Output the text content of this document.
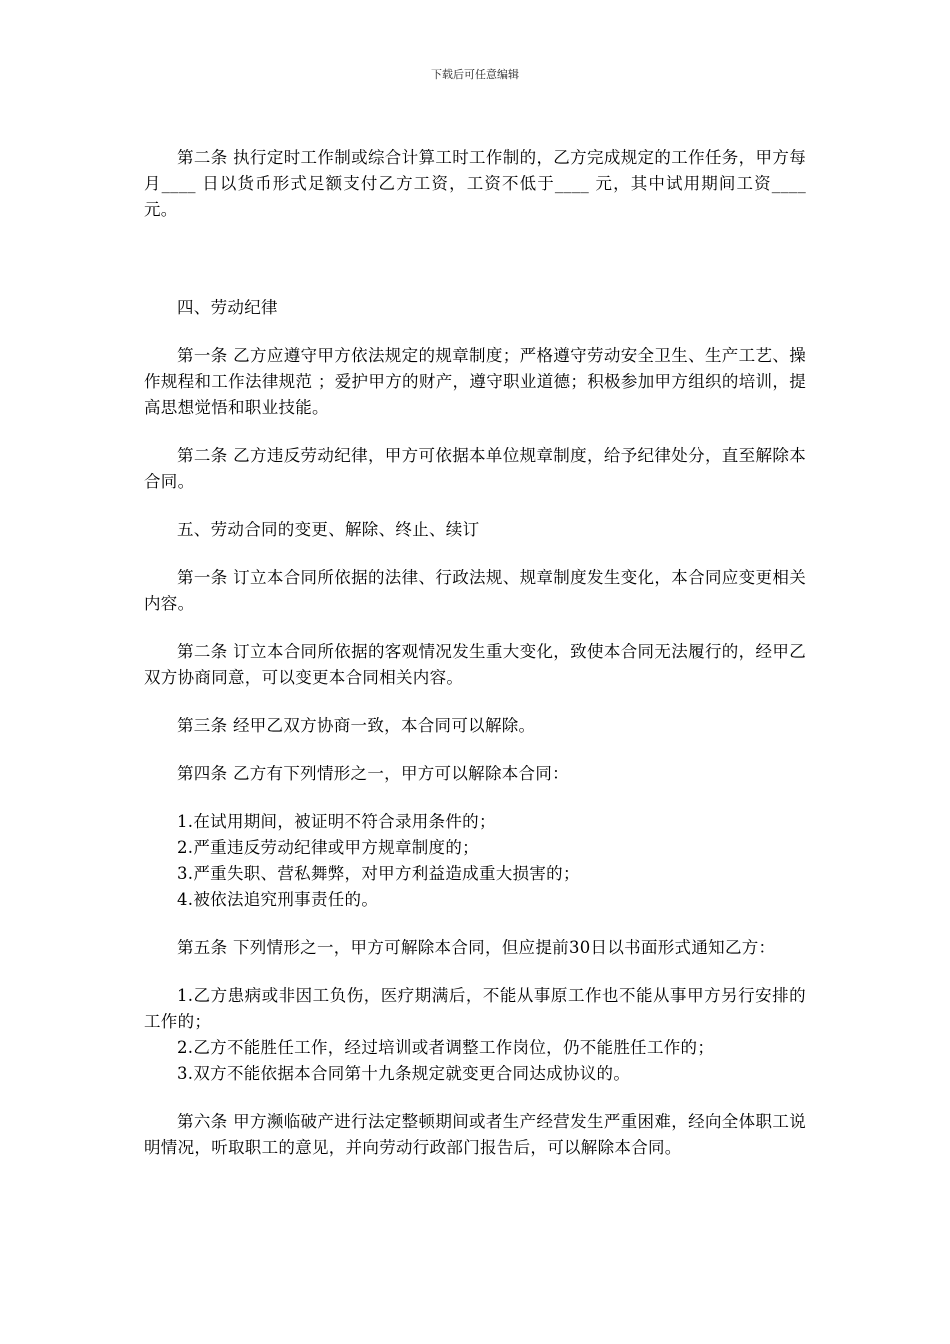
下载后可任意编辑

第二条 执行定时工作制或综合计算工时工作制的，乙方完成规定的工作任务，甲方每月____ 日以货币形式足额支付乙方工资，工资不低于____ 元，其中试用期间工资____ 元。

四、劳动纪律

第一条 乙方应遵守甲方依法规定的规章制度；严格遵守劳动安全卫生、生产工艺、操作规程和工作法律规范 ；爱护甲方的财产，遵守职业道德；积极参加甲方组织的培训，提高思想觉悟和职业技能。

第二条 乙方违反劳动纪律，甲方可依据本单位规章制度，给予纪律处分，直至解除本合同。

五、劳动合同的变更、解除、终止、续订

第一条 订立本合同所依据的法律、行政法规、规章制度发生变化，本合同应变更相关内容。

第二条 订立本合同所依据的客观情况发生重大变化，致使本合同无法履行的，经甲乙双方协商同意，可以变更本合同相关内容。

第三条 经甲乙双方协商一致，本合同可以解除。

第四条 乙方有下列情形之一，甲方可以解除本合同：

1.在试用期间，被证明不符合录用条件的；

2.严重违反劳动纪律或甲方规章制度的；

3.严重失职、营私舞弊，对甲方利益造成重大损害的；

4.被依法追究刑事责任的。

第五条 下列情形之一，甲方可解除本合同，但应提前30日以书面形式通知乙方：

1.乙方患病或非因工负伤，医疗期满后，不能从事原工作也不能从事甲方另行安排的工作的；

2.乙方不能胜任工作，经过培训或者调整工作岗位，仍不能胜任工作的；

3.双方不能依据本合同第十九条规定就变更合同达成协议的。

第六条 甲方濒临破产进行法定整顿期间或者生产经营发生严重困难，经向全体职工说明情况，听取职工的意见，并向劳动行政部门报告后，可以解除本合同。
